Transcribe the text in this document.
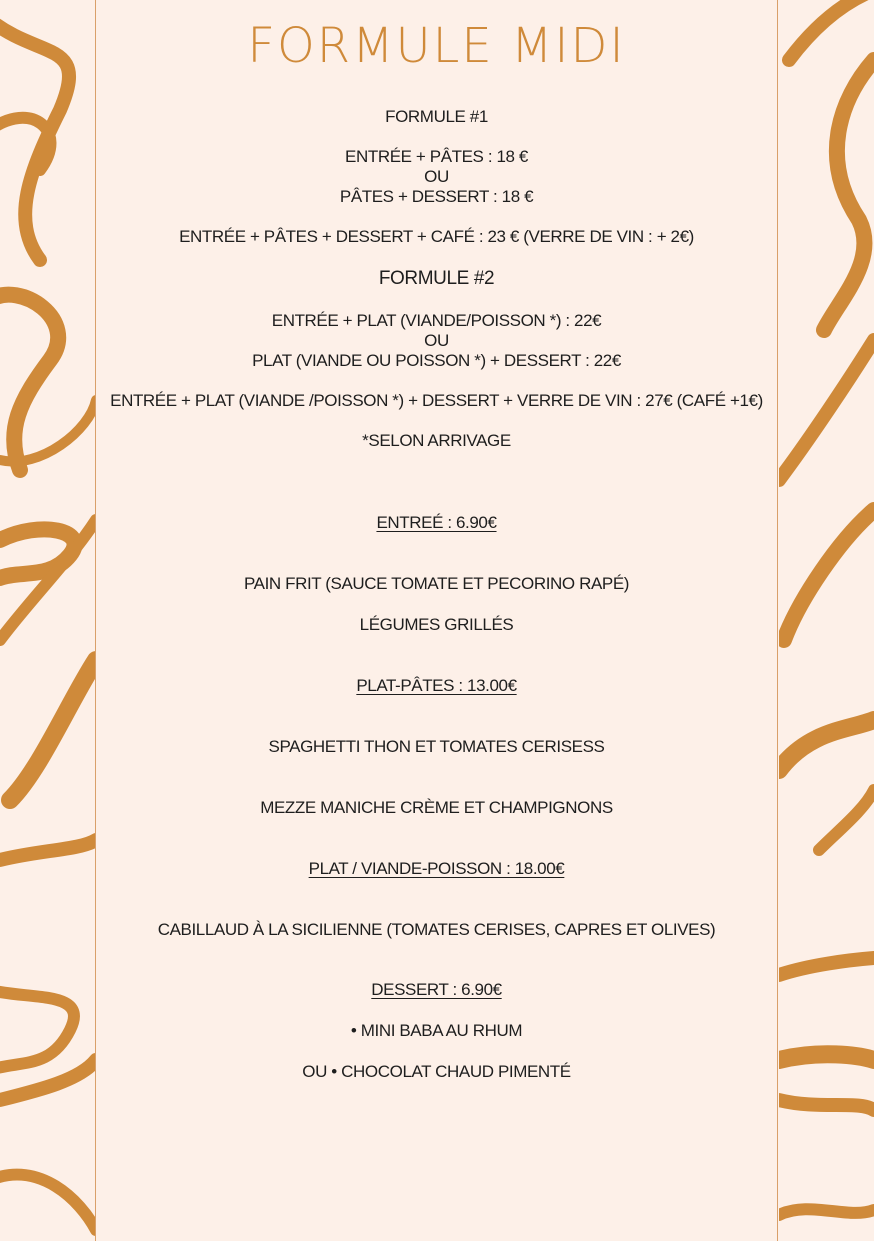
FORMULE MIDI

FORMULE #1

ENTRÉE + PÂTES : 18 €

OU

PÂTES + DESSERT : 18 €

ENTRÉE + PÂTES + DESSERT + CAFÉ : 23 € (VERRE DE VIN : + 2€)

FORMULE #2

ENTRÉE + PLAT (VIANDE/POISSON *) : 22€

OU

PLAT (VIANDE OU POISSON *) + DESSERT : 22€

ENTRÉE + PLAT (VIANDE /POISSON *) + DESSERT + VERRE DE VIN : 27€ (CAFÉ +1€)

*SELON ARRIVAGE

ENTREÉ : 6.90€

PAIN FRIT (SAUCE TOMATE ET PECORINO RAPÉ)

LÉGUMES GRILLÉS

PLAT-PÂTES : 13.00€

SPAGHETTI THON ET TOMATES CERISESS

MEZZE MANICHE CRÈME ET CHAMPIGNONS

PLAT / VIANDE-POISSON : 18.00€

CABILLAUD À LA SICILIENNE (TOMATES CERISES, CAPRES ET OLIVES)

DESSERT : 6.90€

• MINI BABA AU RHUM

OU • CHOCOLAT CHAUD PIMENTÉ
